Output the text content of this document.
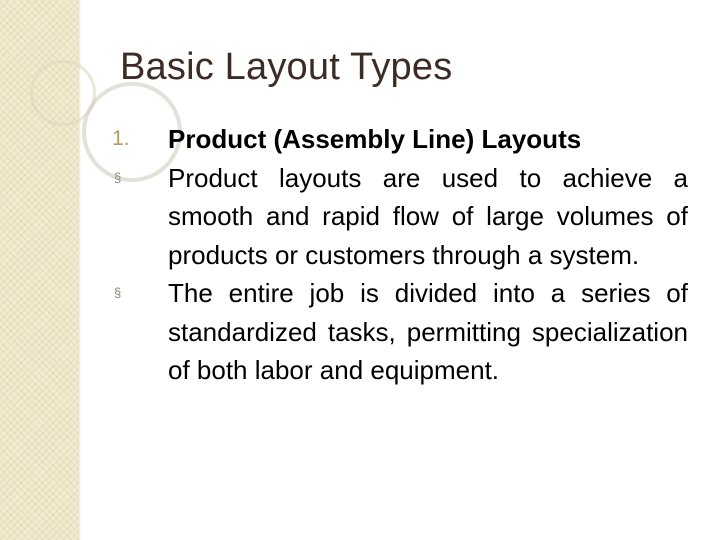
Basic Layout Types
1.	Product (Assembly Line) Layouts
§	Product layouts are used to achieve a smooth and rapid flow of large volumes of products or customers through a system.
§	The entire job is divided into a series of standardized tasks, permitting specialization of both labor and equipment.
